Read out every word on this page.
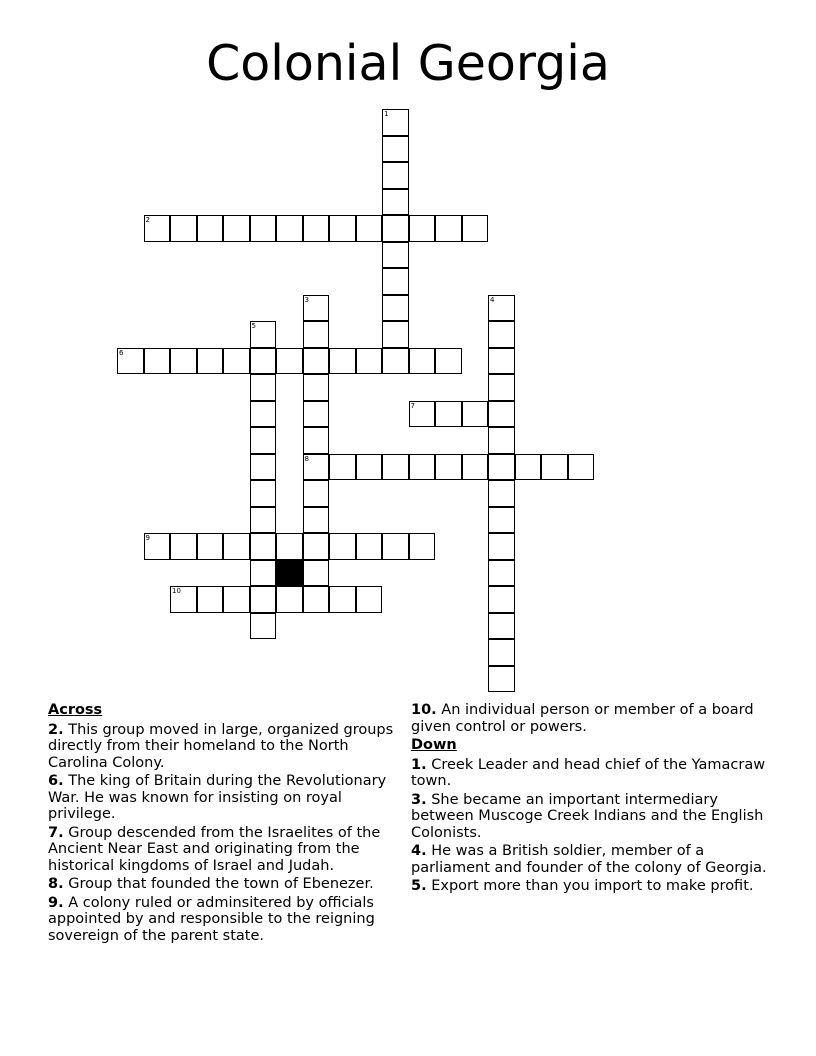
Colonial Georgia
1
2
3
8
4
5
6
7
9
10
Across
2. This group moved in large, organized groups directly from their homeland to the North Carolina Colony.
6. The king of Britain during the Revolutionary War. He was known for insisting on royal privilege.
7. Group descended from the Israelites of the Ancient Near East and originating from the historical kingdoms of Israel and Judah.
8. Group that founded the town of Ebenezer.
9. A colony ruled or adminsitered by officials appointed by and responsible to the reigning sovereign of the parent state.
10. An individual person or member of a board given control or powers.
Down
1. Creek Leader and head chief of the Yamacraw town.
3. She became an important intermediary between Muscoge Creek Indians and the English Colonists.
4. He was a British soldier, member of a parliament and founder of the colony of Georgia.
5. Export more than you import to make profit.
